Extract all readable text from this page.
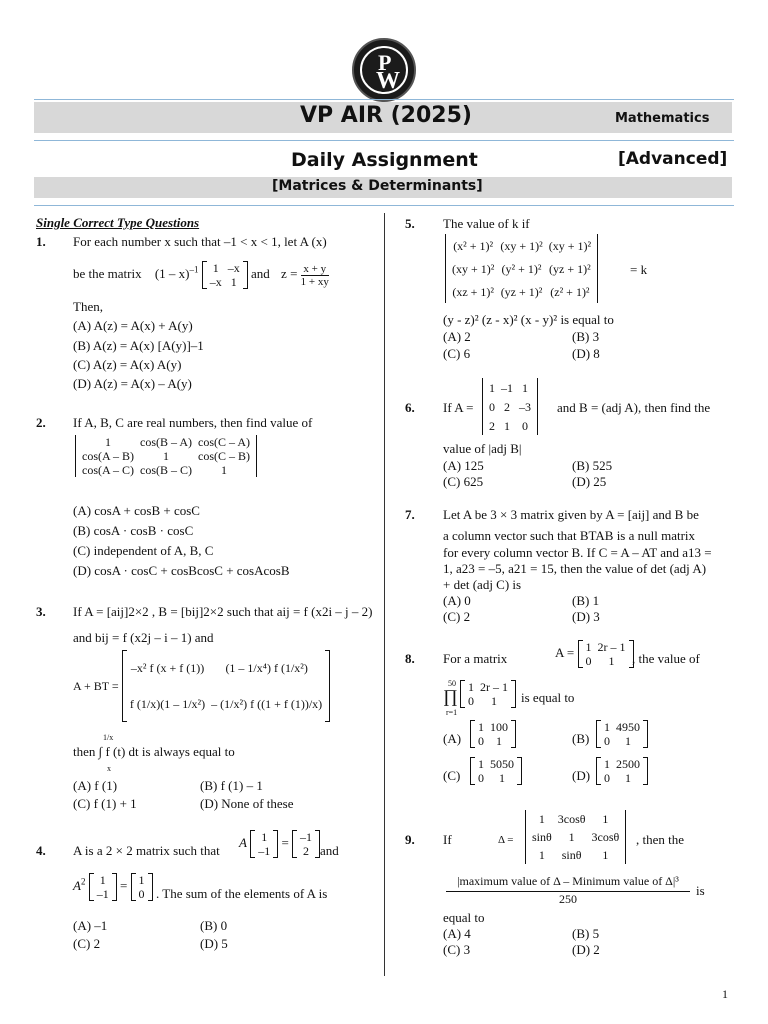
P
W
VP AIR (2025)	Mathematics
Daily Assignment	[Advanced]
[Matrices & Determinants]
Single Correct Type Questions
1. For each number x such that –1 < x < 1, let A (x)
be the matrix (1 – x)$^{-1}$ 1	–x
–x	1
and $z = \frac{x + y}{1 + xy}$
Then,
(A) A(z) = A(x) + A(y)
(B) A(z) = A(x) [A(y)]–1
(C) A(z) = A(x) A(y)
(D) A(z) = A(x) – A(y)
2. If A, B, C are real numbers, then find value of
1	cos(B – A)	cos(C – A)
cos(A – B)	1	cos(C – B)
cos(A – C)	cos(B – C)	1
(A) cosA + cosB + cosC
(B) cosA · cosB · cosC
(C) independent of A, B, C
(D) cosA · cosC + cosBcosC + cosAcosB
3. If A = [aij]2×2 , B = [bij]2×2 such that aij = f (x2i – j – 2)
and bij = f (x2j – i – 1) and
A + BT =
–x² f (x + f (1))	(1 – 1/x⁴) f (1/x²)
f (1/x)(1 – 1/x²)	– (1/x²) f ((1 + f (1))/x)
1/x
x
then ∫ f (t) dt is always equal to
(A) f (1)	(B) f (1) – 1
(C) f (1) + 1	(D) None of these
4. A is a 2 × 2 matrix such that
A 1
–1
= –1
2 and
$A^2$ 1
–1
= 1
0 . The sum of the elements of A is
(A) –1	(B) 0
(C) 2	(D) 5
5. The value of k if
(x² + 1)²	(xy + 1)²	(xy + 1)²
(xy + 1)²	(y² + 1)²	(yz + 1)²
(xz + 1)²	(yz + 1)²	(z² + 1)²
= k
(y - z)² (z - x)² (x - y)² is equal to
(A) 2	(B) 3
(C) 6	(D) 8
6. If A =
1	–1	1
0	2	–3
2	1	0
and B = (adj A), then find the
value of |adj B|
(A) 125	(B) 525
(C) 625	(D) 25
7. Let A be 3 × 3 matrix given by A = [aij] and B be
a column vector such that BTAB is a null matrix
for every column vector B. If C = A – AT and a13 =
1, a23 = –5, a21 = 15, then the value of det (adj A)
+ det (adj C) is
(A) 0	(B) 1
(C) 2	(D) 3
8. For a matrix	A = 1	2r – 1
0	1 , the value of
50
∏
r=1
1	2r – 1
0	1 is equal to
(A)
1	100
0	1	(B)
1	4950
0	1
(C)
1	5050
0	1	(D)
1	2500
0	1
9. If	Δ =
1	3cosθ	1
sinθ	1	3cosθ
1	sinθ	1
, then the
|maximum value of Δ – Minimum value of Δ|³
250
is
equal to
(A) 4	(B) 5
(C) 3	(D) 2
1
